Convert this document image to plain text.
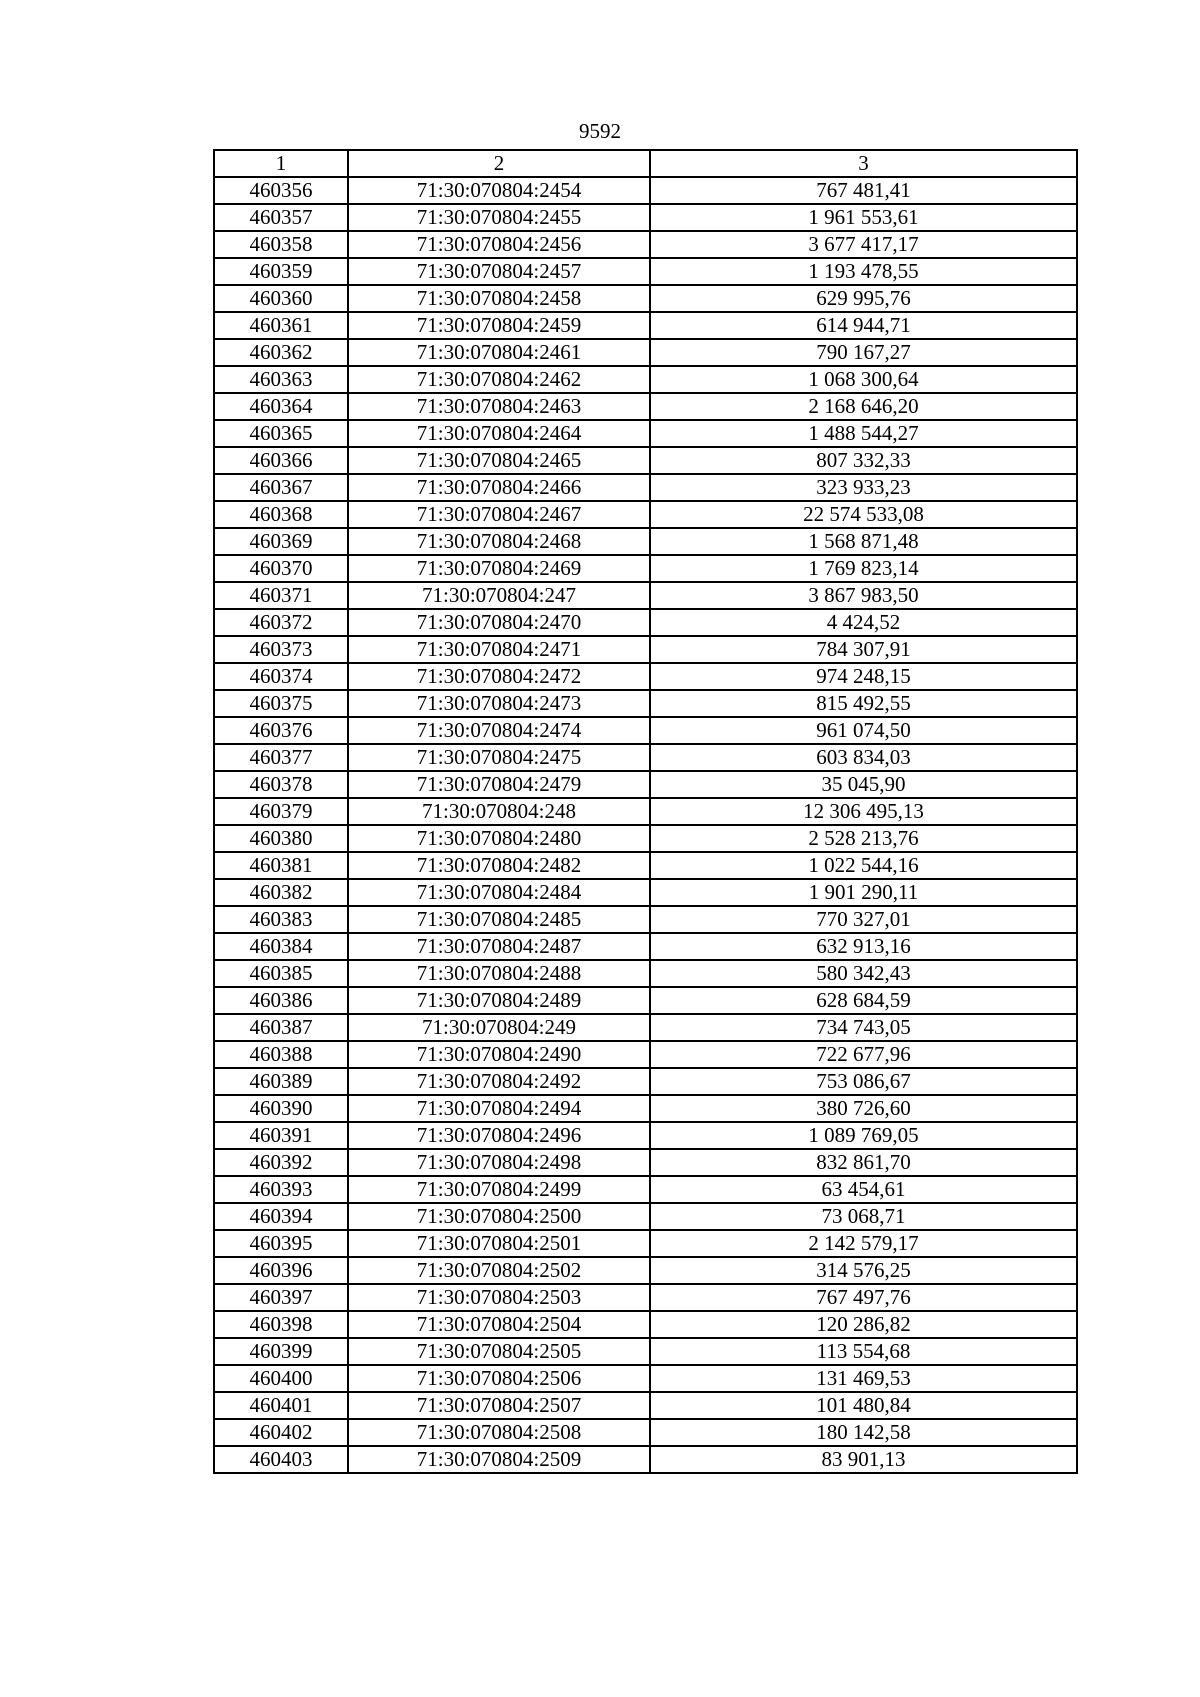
9592
1	2	3
460356	71:30:070804:2454	767 481,41
460357	71:30:070804:2455	1 961 553,61
460358	71:30:070804:2456	3 677 417,17
460359	71:30:070804:2457	1 193 478,55
460360	71:30:070804:2458	629 995,76
460361	71:30:070804:2459	614 944,71
460362	71:30:070804:2461	790 167,27
460363	71:30:070804:2462	1 068 300,64
460364	71:30:070804:2463	2 168 646,20
460365	71:30:070804:2464	1 488 544,27
460366	71:30:070804:2465	807 332,33
460367	71:30:070804:2466	323 933,23
460368	71:30:070804:2467	22 574 533,08
460369	71:30:070804:2468	1 568 871,48
460370	71:30:070804:2469	1 769 823,14
460371	71:30:070804:247	3 867 983,50
460372	71:30:070804:2470	4 424,52
460373	71:30:070804:2471	784 307,91
460374	71:30:070804:2472	974 248,15
460375	71:30:070804:2473	815 492,55
460376	71:30:070804:2474	961 074,50
460377	71:30:070804:2475	603 834,03
460378	71:30:070804:2479	35 045,90
460379	71:30:070804:248	12 306 495,13
460380	71:30:070804:2480	2 528 213,76
460381	71:30:070804:2482	1 022 544,16
460382	71:30:070804:2484	1 901 290,11
460383	71:30:070804:2485	770 327,01
460384	71:30:070804:2487	632 913,16
460385	71:30:070804:2488	580 342,43
460386	71:30:070804:2489	628 684,59
460387	71:30:070804:249	734 743,05
460388	71:30:070804:2490	722 677,96
460389	71:30:070804:2492	753 086,67
460390	71:30:070804:2494	380 726,60
460391	71:30:070804:2496	1 089 769,05
460392	71:30:070804:2498	832 861,70
460393	71:30:070804:2499	63 454,61
460394	71:30:070804:2500	73 068,71
460395	71:30:070804:2501	2 142 579,17
460396	71:30:070804:2502	314 576,25
460397	71:30:070804:2503	767 497,76
460398	71:30:070804:2504	120 286,82
460399	71:30:070804:2505	113 554,68
460400	71:30:070804:2506	131 469,53
460401	71:30:070804:2507	101 480,84
460402	71:30:070804:2508	180 142,58
460403	71:30:070804:2509	83 901,13
